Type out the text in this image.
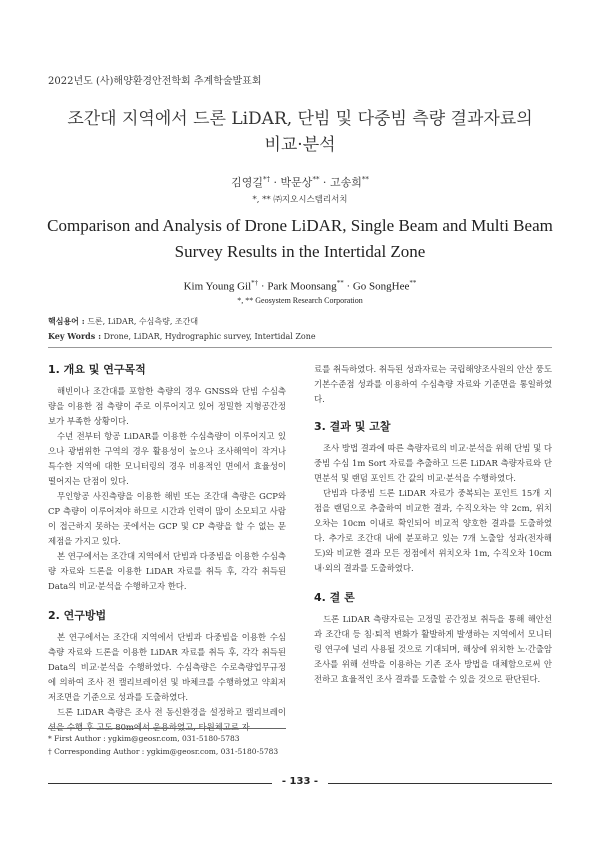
2022년도 (사)해양환경안전학회 추계학술발표회
조간대 지역에서 드론 LiDAR, 단빔 및 다중빔 측량 결과자료의
비교·분석
김영길*† · 박문상** · 고송희**
*, ** ㈜지오시스템리서치
Comparison and Analysis of Drone LiDAR, Single Beam and Multi Beam
Survey Results in the Intertidal Zone
Kim Young Gil*† · Park Moonsang** · Go SongHee**
*, ** Geosystem Research Corporation
핵심용어 : 드론, LiDAR, 수심측량, 조간대
Key Words : Drone, LiDAR, Hydrographic survey, Intertidal Zone
1. 개요 및 연구목적

해빈이나 조간대를 포함한 측량의 경우 GNSS와 단빔 수심측량을 이용한 점 측량이 주로 이루어지고 있어 정밀한 지형공간정보가 부족한 상황이다.

수년 전부터 항공 LiDAR를 이용한 수심측량이 이루어지고 있으나 광범위한 구역의 경우 활용성이 높으나 조사해역이 작거나 특수한 지역에 대한 모니터링의 경우 비용적인 면에서 효율성이 떨어지는 단점이 있다.

무인항공 사진측량을 이용한 해빈 또는 조간대 측량은 GCP와 CP 측량이 이루어져야 하므로 시간과 인력이 많이 소모되고 사람이 접근하지 못하는 곳에서는 GCP 및 CP 측량을 할 수 없는 문제점을 가지고 있다.

본 연구에서는 조간대 지역에서 단빔과 다중빔을 이용한 수심측량 자료와 드론을 이용한 LiDAR 자료를 취득 후, 각각 취득된 Data의 비교·분석을 수행하고자 한다.

2. 연구방법

본 연구에서는 조간대 지역에서 단빔과 다중빔을 이용한 수심 측량 자료와 드론을 이용한 LiDAR 자료를 취득 후, 각각 취득된 Data의 비교·분석을 수행하였다. 수심측량은 수로측량업무규정에 의하여 조사 전 캘리브레이션 및 바체크를 수행하였고 약최저저조면을 기준으로 성과를 도출하였다.

드론 LiDAR 측량은 조사 전 동신환경을 설정하고 캘리브레이션을 수행 후 고도 80m에서 운용하였고, 타원체고로 자

료를 취득하였다. 취득된 성과자료는 국립해양조사원의 안산 풍도 기본수준점 성과를 이용하여 수심측량 자료와 기준면을 통일하였다.

3. 결과 및 고찰

조사 방법 결과에 따른 측량자료의 비교·분석을 위해 단빔 및 다중빔 수심 1m Sort 자료를 추출하고 드론 LiDAR 측량자료와 단면분석 및 랜덤 포인트 간 값의 비교·분석을 수행하였다.

단빔과 다중빔 드론 LiDAR 자료가 중복되는 포인트 15개 지점을 랜덤으로 추출하여 비교한 결과, 수직오차는 약 2cm, 위치오차는 10cm 이내로 확인되어 비교적 양호한 결과를 도출하였다. 추가로 조간대 내에 분포하고 있는 7개 노출암 성과(전자해도)와 비교한 결과 모든 정점에서 위치오차 1m, 수직오차 10cm 내·외의 결과를 도출하였다.

4. 결 론

드론 LiDAR 측량자료는 고정밀 공간정보 취득을 통해 해안선과 조간대 등 침·퇴적 변화가 활발하게 발생하는 지역에서 모니터링 연구에 널리 사용될 것으로 기대되며, 해상에 위치한 노·간출암 조사를 위해 선박을 이용하는 기존 조사 방법을 대체함으로써 안전하고 효율적인 조사 결과를 도출할 수 있을 것으로 판단된다.

* First Author : ygkim@geosr.com, 031-5180-5783
† Corresponding Author : ygkim@geosr.com, 031-5180-5783
- 133 -
